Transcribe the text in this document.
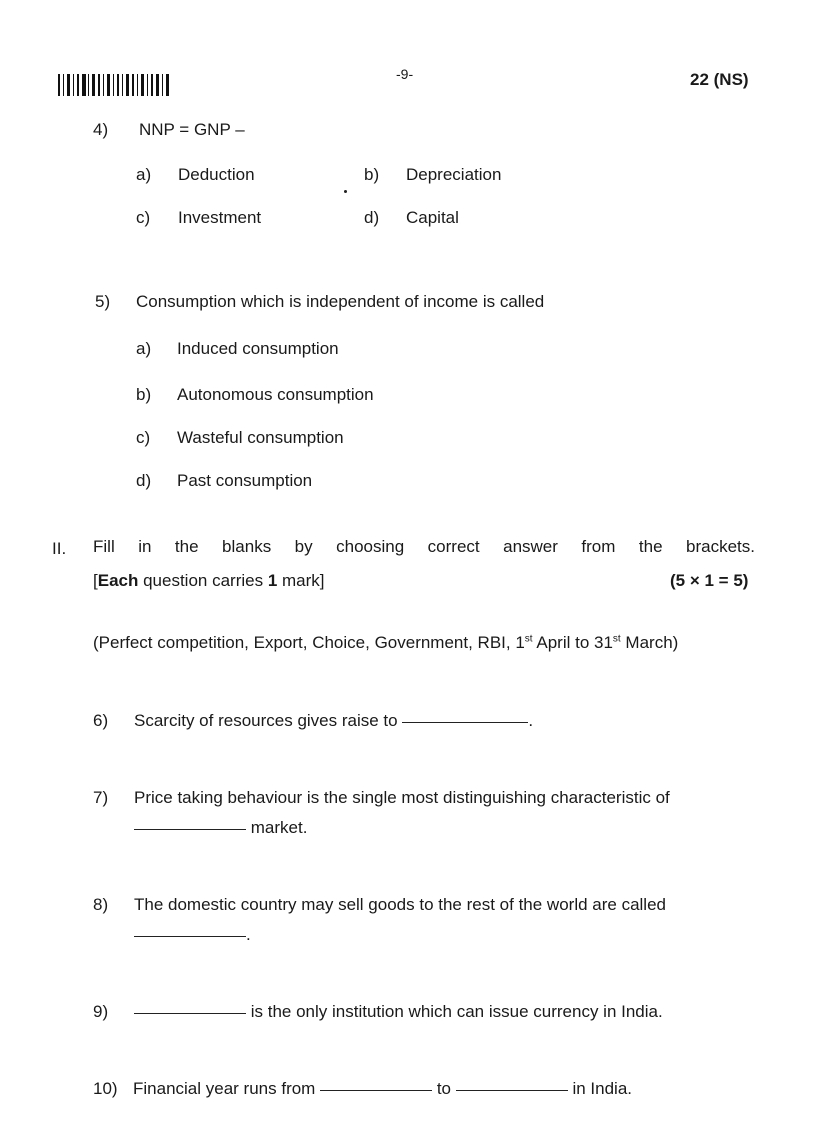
-9-	22 (NS)
4) NNP = GNP –
a) Deduction	b) Depreciation
c) Investment	d) Capital
5) Consumption which is independent of income is called
a) Induced consumption
b) Autonomous consumption
c) Wasteful consumption
d) Past consumption
II. Fill in the blanks by choosing correct answer from the brackets.
[Each question carries 1 mark]	(5 × 1 = 5)
(Perfect competition, Export, Choice, Government, RBI, 1st April to 31st March)
6) Scarcity of resources gives raise to	.
7) Price taking behaviour is the single most distinguishing characteristic of
market.
8) The domestic country may sell goods to the rest of the world are called
.
9)	is the only institution which can issue currency in India.
10) Financial year runs from	to	in India.
